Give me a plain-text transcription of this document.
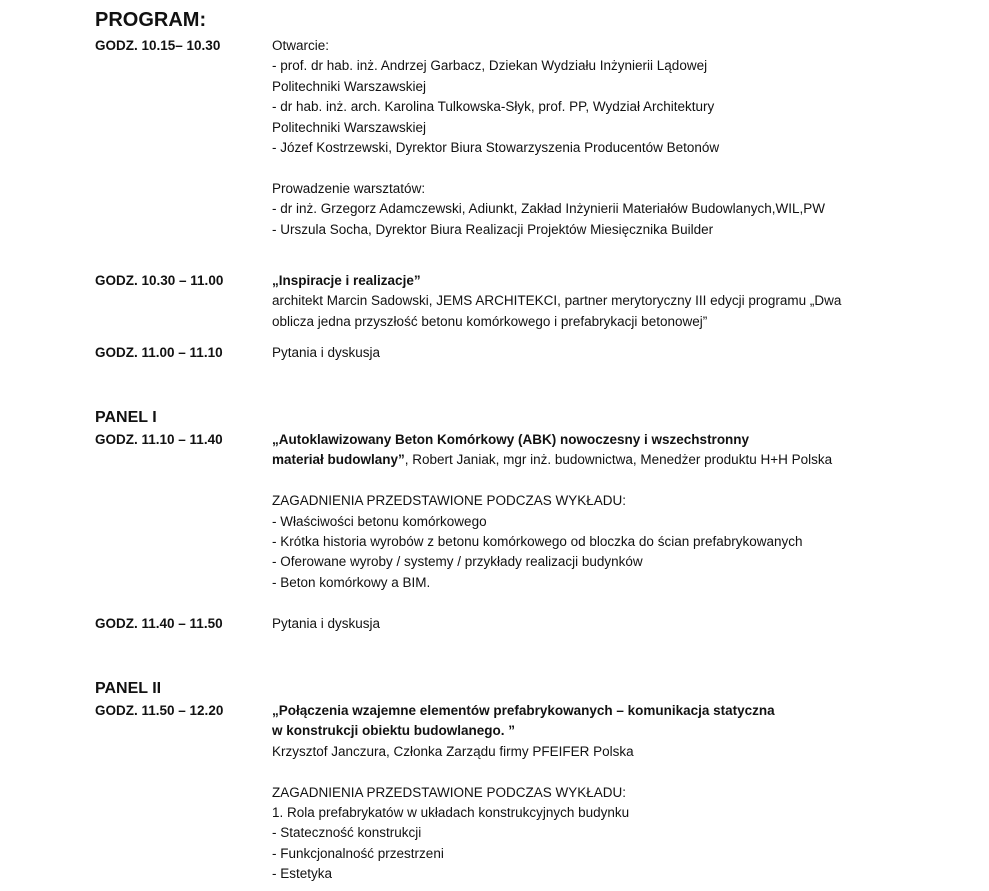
PROGRAM:
GODZ. 10.15– 10.30	Otwarcie:
- prof. dr hab. inż. Andrzej Garbacz, Dziekan Wydziału Inżynierii Lądowej
Politechniki Warszawskiej
- dr hab. inż. arch. Karolina Tulkowska-Słyk, prof. PP, Wydział Architektury
Politechniki Warszawskiej
- Józef Kostrzewski, Dyrektor Biura Stowarzyszenia Producentów Betonów
Prowadzenie warsztatów:
- dr inż. Grzegorz Adamczewski, Adiunkt, Zakład Inżynierii Materiałów Budowlanych,WIL,PW
- Urszula Socha, Dyrektor Biura Realizacji Projektów Miesięcznika Builder
GODZ. 10.30 – 11.00	„Inspiracje i realizacje”
architekt Marcin Sadowski, JEMS ARCHITEKCI, partner merytoryczny III edycji programu „Dwa
oblicza jedna przyszłość betonu komórkowego i prefabrykacji betonowej”
GODZ. 11.00 – 11.10	Pytania i dyskusja
PANEL I
GODZ. 11.10 – 11.40	„Autoklawizowany Beton Komórkowy (ABK) nowoczesny i wszechstronny
materiał budowlany”, Robert Janiak, mgr inż. budownictwa, Menedżer produktu H+H Polska
ZAGADNIENIA PRZEDSTAWIONE PODCZAS WYKŁADU:
- Właściwości betonu komórkowego
- Krótka historia wyrobów z betonu komórkowego od bloczka do ścian prefabrykowanych
- Oferowane wyroby / systemy / przykłady realizacji budynków
- Beton komórkowy a BIM.
GODZ. 11.40 – 11.50	Pytania i dyskusja
PANEL II
GODZ. 11.50 – 12.20	„Połączenia wzajemne elementów prefabrykowanych – komunikacja statyczna
w konstrukcji obiektu budowlanego. ”
Krzysztof Janczura, Członka Zarządu firmy PFEIFER Polska
ZAGADNIENIA PRZEDSTAWIONE PODCZAS WYKŁADU:
1. Rola prefabrykatów w układach konstrukcyjnych budynku
- Stateczność konstrukcji
- Funkcjonalność przestrzeni
- Estetyka
